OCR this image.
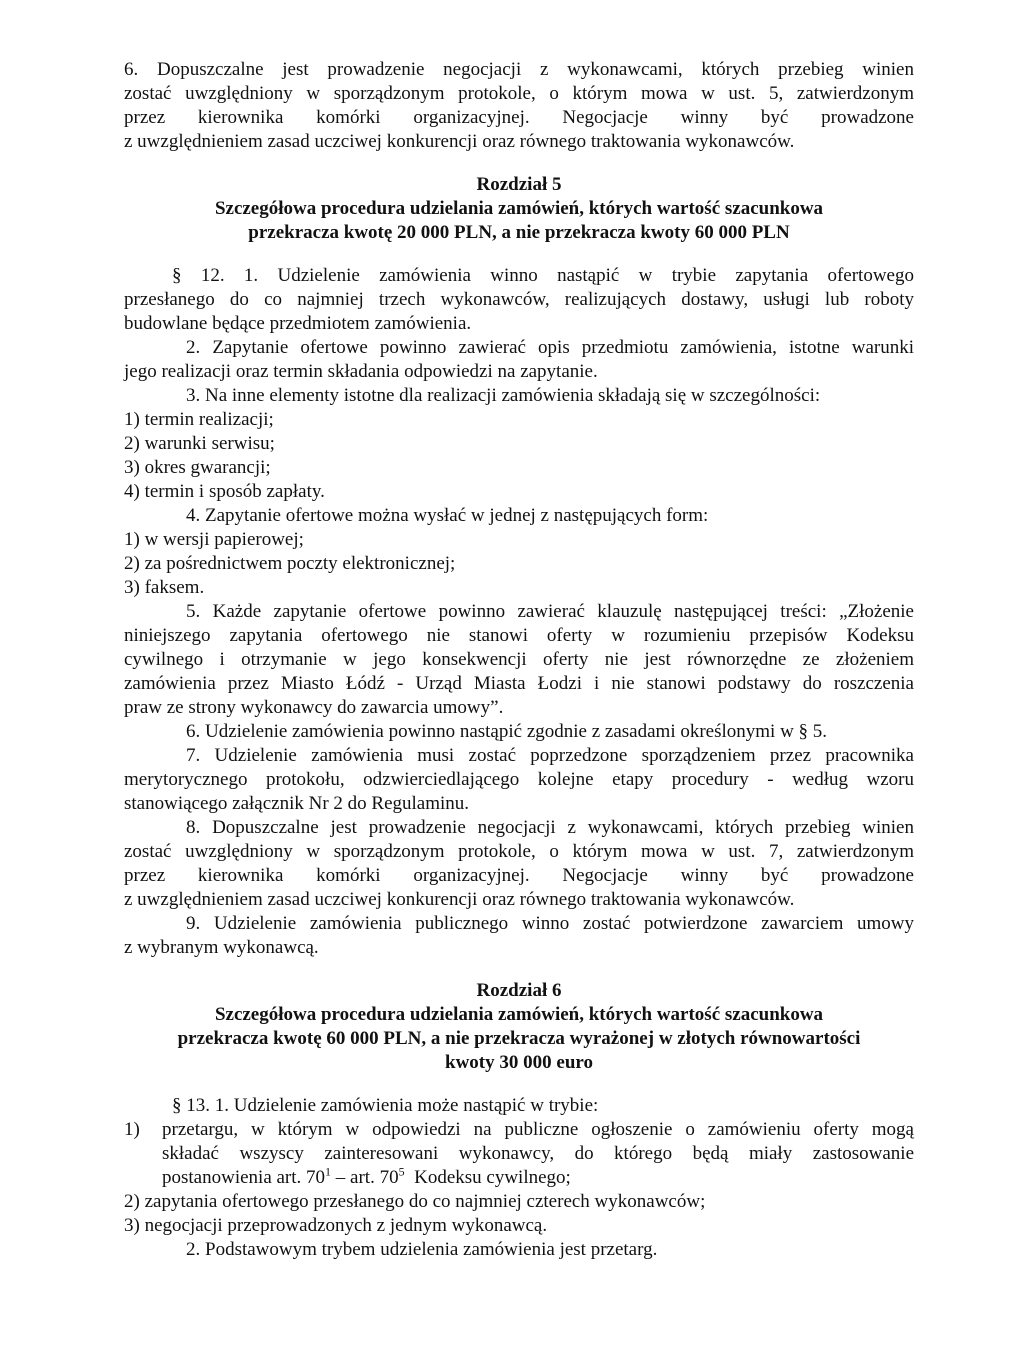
6. Dopuszczalne jest prowadzenie negocjacji z wykonawcami, których przebieg winien

zostać uwzględniony w sporządzonym protokole, o którym mowa w ust. 5, zatwierdzonym

przez kierownika komórki organizacyjnej. Negocjacje winny być prowadzone

z uwzględnieniem zasad uczciwej konkurencji oraz równego traktowania wykonawców.

Rozdział 5

Szczegółowa procedura udzielania zamówień, których wartość szacunkowa

przekracza kwotę 20 000 PLN, a nie przekracza kwoty 60 000 PLN

§ 12. 1. Udzielenie zamówienia winno nastąpić w trybie zapytania ofertowego

przesłanego do co najmniej trzech wykonawców, realizujących dostawy, usługi lub roboty

budowlane będące przedmiotem zamówienia.

2. Zapytanie ofertowe powinno zawierać opis przedmiotu zamówienia, istotne warunki

jego realizacji oraz termin składania odpowiedzi na zapytanie.

3. Na inne elementy istotne dla realizacji zamówienia składają się w szczególności:

1) termin realizacji;

2) warunki serwisu;

3) okres gwarancji;

4) termin i sposób zapłaty.

4. Zapytanie ofertowe można wysłać w jednej z następujących form:

1) w wersji papierowej;

2) za pośrednictwem poczty elektronicznej;

3) faksem.

5. Każde zapytanie ofertowe powinno zawierać klauzulę następującej treści: „Złożenie

niniejszego zapytania ofertowego nie stanowi oferty w rozumieniu przepisów Kodeksu

cywilnego i otrzymanie w jego konsekwencji oferty nie jest równorzędne ze złożeniem

zamówienia przez Miasto Łódź - Urząd Miasta Łodzi i nie stanowi podstawy do roszczenia

praw ze strony wykonawcy do zawarcia umowy”.

6. Udzielenie zamówienia powinno nastąpić zgodnie z zasadami określonymi w § 5.

7. Udzielenie zamówienia musi zostać poprzedzone sporządzeniem przez pracownika

merytorycznego protokołu, odzwierciedlającego kolejne etapy procedury - według wzoru

stanowiącego załącznik Nr 2 do Regulaminu.

8. Dopuszczalne jest prowadzenie negocjacji z wykonawcami, których przebieg winien

zostać uwzględniony w sporządzonym protokole, o którym mowa w ust. 7, zatwierdzonym

przez kierownika komórki organizacyjnej. Negocjacje winny być prowadzone

z uwzględnieniem zasad uczciwej konkurencji oraz równego traktowania wykonawców.

9. Udzielenie zamówienia publicznego winno zostać potwierdzone zawarciem umowy

z wybranym wykonawcą.

Rozdział 6

Szczegółowa procedura udzielania zamówień, których wartość szacunkowa

przekracza kwotę 60 000 PLN, a nie przekracza wyrażonej w złotych równowartości

kwoty 30 000 euro

§ 13. 1. Udzielenie zamówienia może nastąpić w trybie:

1) przetargu, w którym w odpowiedzi na publiczne ogłoszenie o zamówieniu oferty mogą

składać wszyscy zainteresowani wykonawcy, do którego będą miały zastosowanie

postanowienia art. $70^1$ – art. $70^5$  Kodeksu cywilnego;

2) zapytania ofertowego przesłanego do co najmniej czterech wykonawców;

3) negocjacji przeprowadzonych z jednym wykonawcą.

2. Podstawowym trybem udzielenia zamówienia jest przetarg.
